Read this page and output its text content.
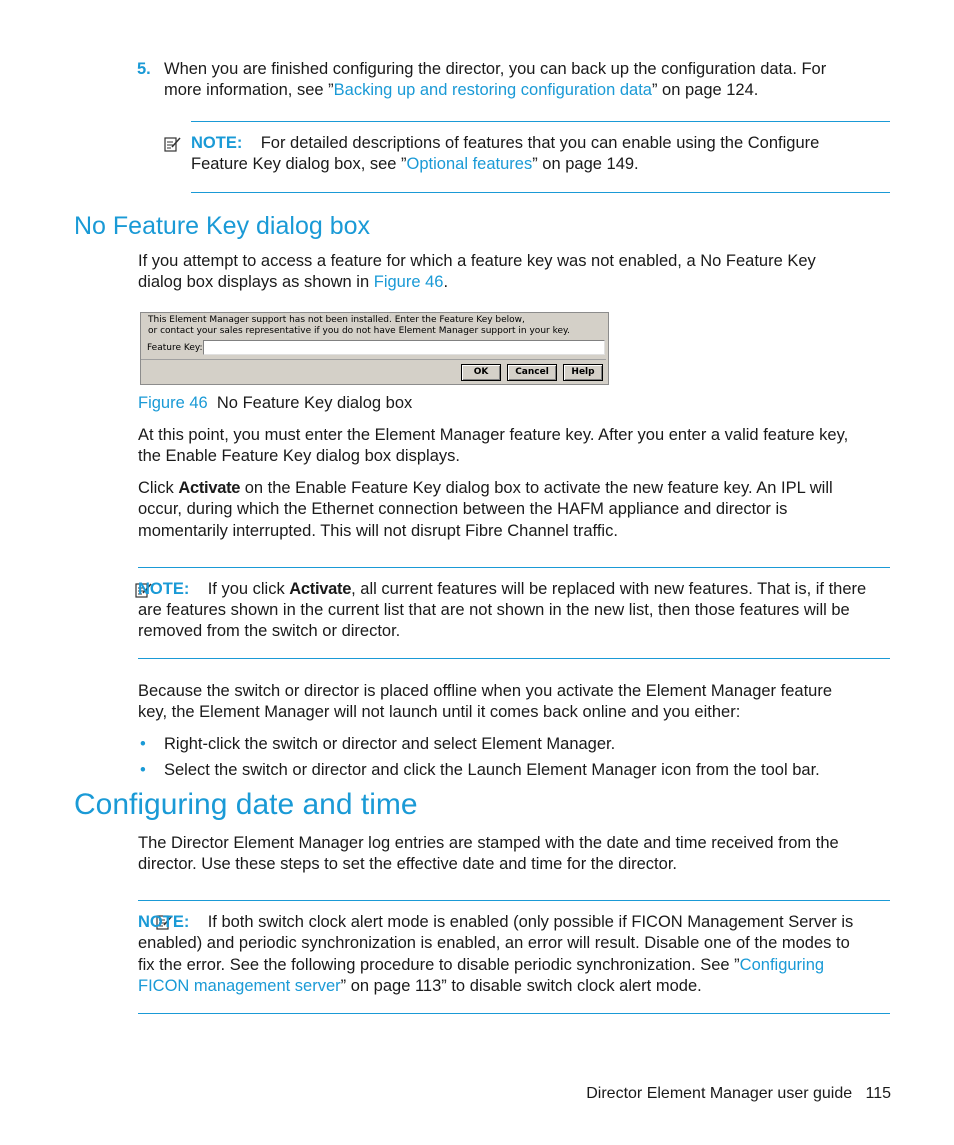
5. When you are finished configuring the director, you can back up the configuration data. For

more information, see ”Backing up and restoring configuration data” on page 124.

NOTE: For detailed descriptions of features that you can enable using the Configure

Feature Key dialog box, see ”Optional features” on page 149.

No Feature Key dialog box

If you attempt to access a feature for which a feature key was not enabled, a No Feature Key

dialog box displays as shown in Figure 46.

This Element Manager support has not been installed. Enter the Feature Key below,
or contact your sales representative if you do not have Element Manager support in your key.
Feature Key:
OK	Cancel	Help

Figure 46 No Feature Key dialog box

At this point, you must enter the Element Manager feature key. After you enter a valid feature key,

the Enable Feature Key dialog box displays.

Click Activate on the Enable Feature Key dialog box to activate the new feature key. An IPL will

occur, during which the Ethernet connection between the HAFM appliance and director is

momentarily interrupted. This will not disrupt Fibre Channel traffic.

NOTE: If you click Activate, all current features will be replaced with new features. That is, if there

are features shown in the current list that are not shown in the new list, then those features will be

removed from the switch or director.

Because the switch or director is placed offline when you activate the Element Manager feature

key, the Element Manager will not launch until it comes back online and you either:

• Right-click the switch or director and select Element Manager.

• Select the switch or director and click the Launch Element Manager icon from the tool bar.

Configuring date and time

The Director Element Manager log entries are stamped with the date and time received from the

director. Use these steps to set the effective date and time for the director.

NOTE: If both switch clock alert mode is enabled (only possible if FICON Management Server is

enabled) and periodic synchronization is enabled, an error will result. Disable one of the modes to

fix the error. See the following procedure to disable periodic synchronization. See ”Configuring

FICON management server” on page 113” to disable switch clock alert mode.

Director Element Manager user guide 115
